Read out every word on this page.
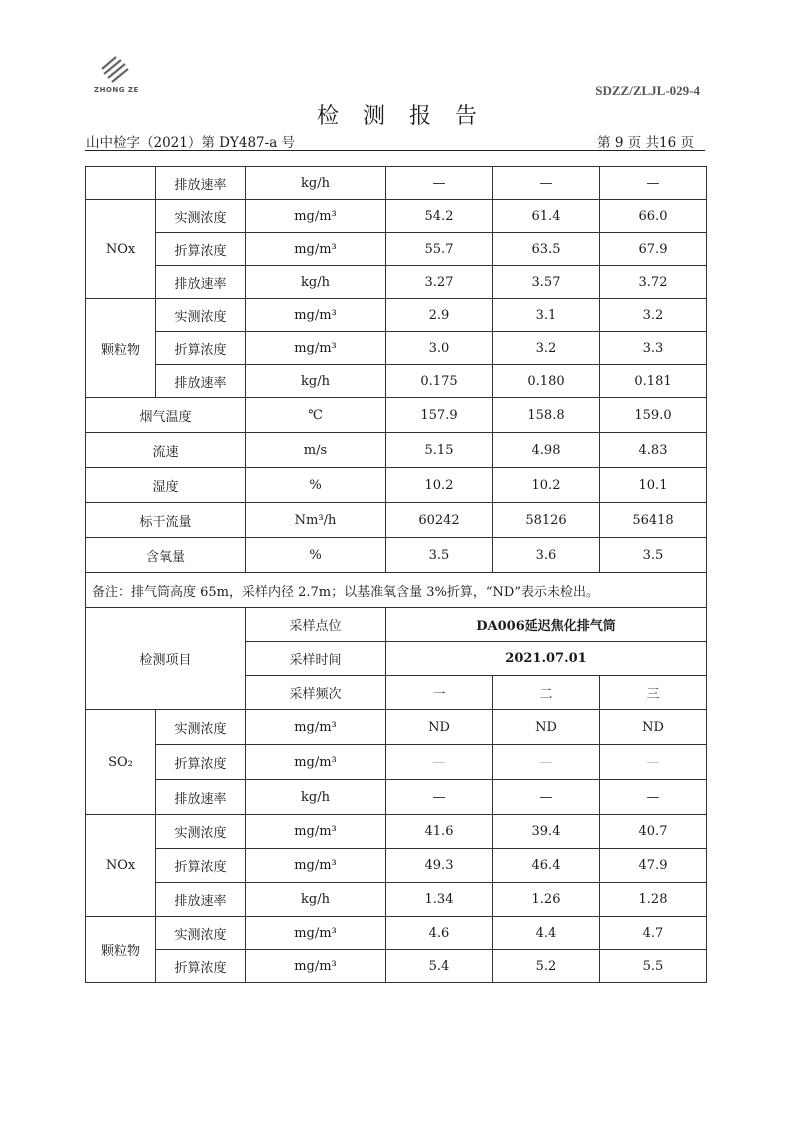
ZHONG ZE	SDZZ/ZLJL-029-4
检测报告
山中检字（2021）第 DY487-a 号	第 9 页 共16 页
	排放速率	kg/h	—	—	—
NOx	实测浓度	mg/m³	54.2	61.4	66.0
	折算浓度	mg/m³	55.7	63.5	67.9
	排放速率	kg/h	3.27	3.57	3.72
颗粒物	实测浓度	mg/m³	2.9	3.1	3.2
	折算浓度	mg/m³	3.0	3.2	3.3
	排放速率	kg/h	0.175	0.180	0.181
烟气温度		℃	157.9	158.8	159.0
流速		m/s	5.15	4.98	4.83
湿度		%	10.2	10.2	10.1
标干流量		Nm³/h	60242	58126	56418
含氧量		%	3.5	3.6	3.5
备注：排气筒高度 65m，采样内径 2.7m；以基准氧含量 3%折算，“ND”表示未检出。					
检测项目		采样点位	DA006延迟焦化排气筒		
		采样时间	2021.07.01		
		采样频次	一	二	三
SO₂	实测浓度	mg/m³	ND	ND	ND
	折算浓度	mg/m³	—	—	—
	排放速率	kg/h	—	—	—
NOx	实测浓度	mg/m³	41.6	39.4	40.7
	折算浓度	mg/m³	49.3	46.4	47.9
	排放速率	kg/h	1.34	1.26	1.28
颗粒物	实测浓度	mg/m³	4.6	4.4	4.7
	折算浓度	mg/m³	5.4	5.2	5.5
